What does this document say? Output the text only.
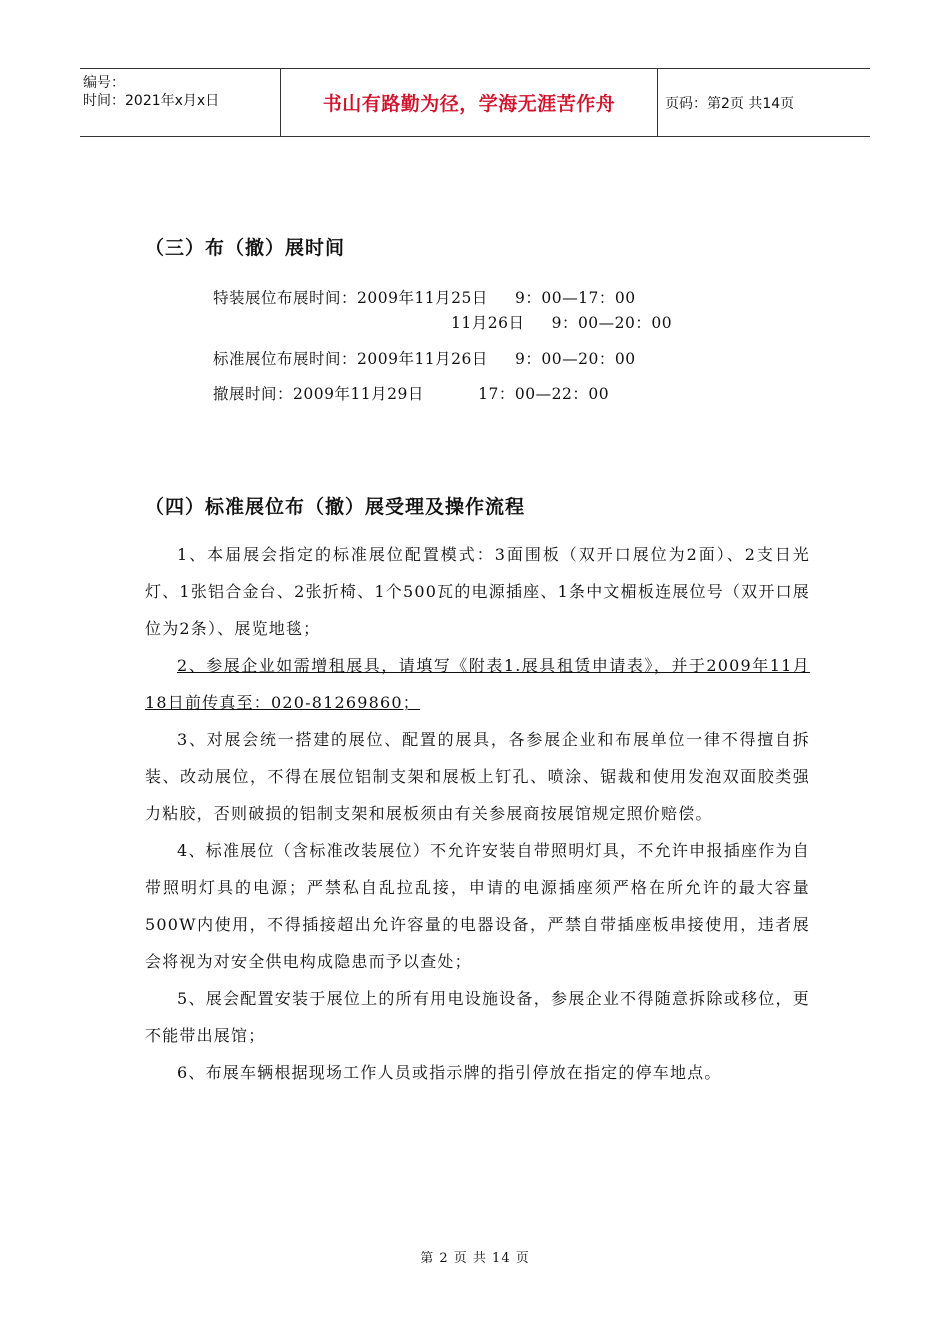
编号：
时间：2021年x月x日	书山有路勤为径，学海无涯苦作舟	页码：第2页 共14页
（三）布（撤）展时间
特装展位布展时间：2009年11月25日     9：00—17：00
11月26日     9：00—20：00
标准展位布展时间：2009年11月26日     9：00—20：00
撤展时间：2009年11月29日          17：00—22：00
（四）标准展位布（撤）展受理及操作流程

1、本届展会指定的标准展位配置模式：3面围板（双开口展位为2面）、2支日光灯、1张铝合金台、2张折椅、1个500瓦的电源插座、1条中文楣板连展位号（双开口展位为2条）、展览地毯；

2、参展企业如需增租展具，请填写《附表1.展具租赁申请表》，并于2009年11月18日前传真至：020-81269860；

3、对展会统一搭建的展位、配置的展具，各参展企业和布展单位一律不得擅自拆装、改动展位，不得在展位铝制支架和展板上钉孔、喷涂、锯裁和使用发泡双面胶类强力粘胶，否则破损的铝制支架和展板须由有关参展商按展馆规定照价赔偿。

4、标准展位（含标准改装展位）不允许安装自带照明灯具，不允许申报插座作为自带照明灯具的电源；严禁私自乱拉乱接，申请的电源插座须严格在所允许的最大容量500W内使用，不得插接超出允许容量的电器设备，严禁自带插座板串接使用，违者展会将视为对安全供电构成隐患而予以查处；

5、展会配置安装于展位上的所有用电设施设备，参展企业不得随意拆除或移位，更不能带出展馆；

6、布展车辆根据现场工作人员或指示牌的指引停放在指定的停车地点。

第 2 页 共 14 页
